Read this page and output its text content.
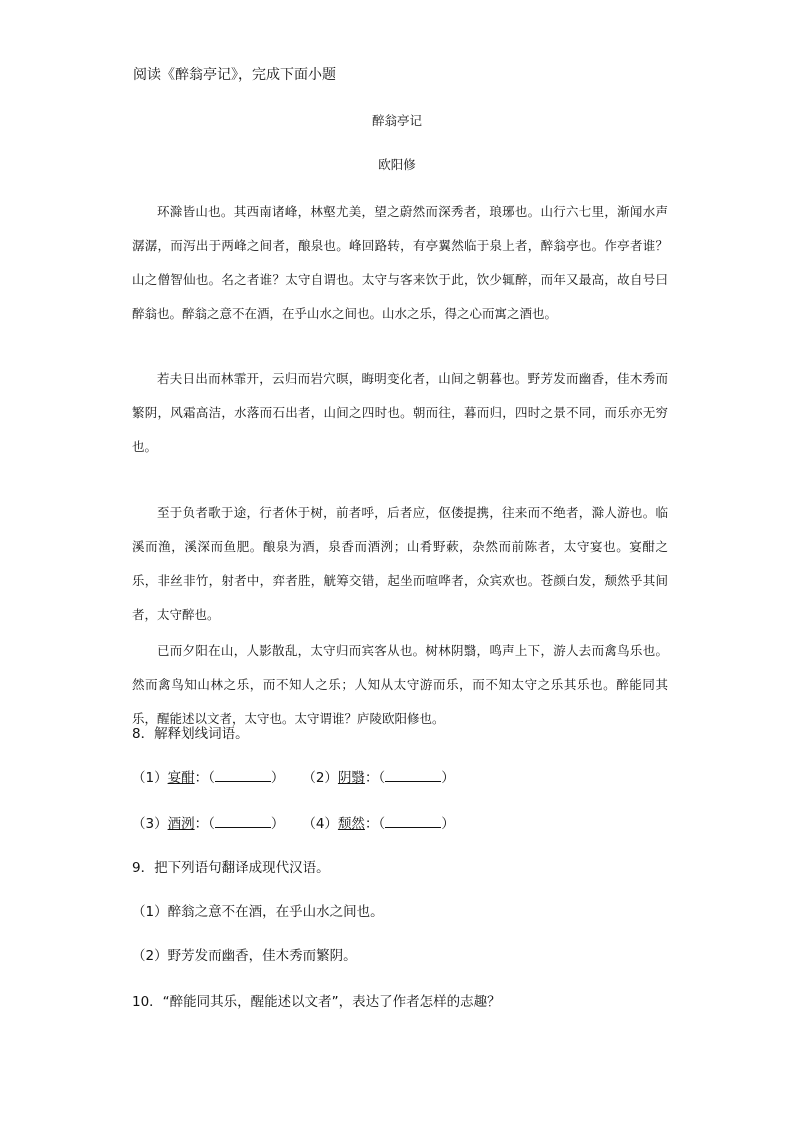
阅读《醉翁亭记》，完成下面小题
醉翁亭记
欧阳修

环滁皆山也。其西南诸峰，林壑尤美，望之蔚然而深秀者，琅琊也。山行六七里，渐闻水声潺潺，而泻出于两峰之间者，酿泉也。峰回路转，有亭翼然临于泉上者，醉翁亭也。作亭者谁？山之僧智仙也。名之者谁？太守自谓也。太守与客来饮于此，饮少辄醉，而年又最高，故自号曰醉翁也。醉翁之意不在酒，在乎山水之间也。山水之乐，得之心而寓之酒也。

若夫日出而林霏开，云归而岩穴暝，晦明变化者，山间之朝暮也。野芳发而幽香，佳木秀而繁阴，风霜高洁，水落而石出者，山间之四时也。朝而往，暮而归，四时之景不同，而乐亦无穷也。

至于负者歌于途，行者休于树，前者呼，后者应，伛偻提携，往来而不绝者，滁人游也。临溪而渔，溪深而鱼肥。酿泉为酒，泉香而酒洌；山肴野蔌，杂然而前陈者，太守宴也。宴酣之乐，非丝非竹，射者中，弈者胜，觥筹交错，起坐而喧哗者，众宾欢也。苍颜白发，颓然乎其间者，太守醉也。

已而夕阳在山，人影散乱，太守归而宾客从也。树林阴翳，鸣声上下，游人去而禽鸟乐也。然而禽鸟知山林之乐，而不知人之乐；人知从太守游而乐，而不知太守之乐其乐也。醉能同其乐，醒能述以文者，太守也。太守谓谁？庐陵欧阳修也。

8．解释划线词语。
（1）宴酣：（	） （2）阴翳：（	）
（3）酒洌：（	） （4）颓然：（	）
9．把下列语句翻译成现代汉语。
（1）醉翁之意不在酒，在乎山水之间也。
（2）野芳发而幽香，佳木秀而繁阴。
10．“醉能同其乐，醒能述以文者”，表达了作者怎样的志趣？
